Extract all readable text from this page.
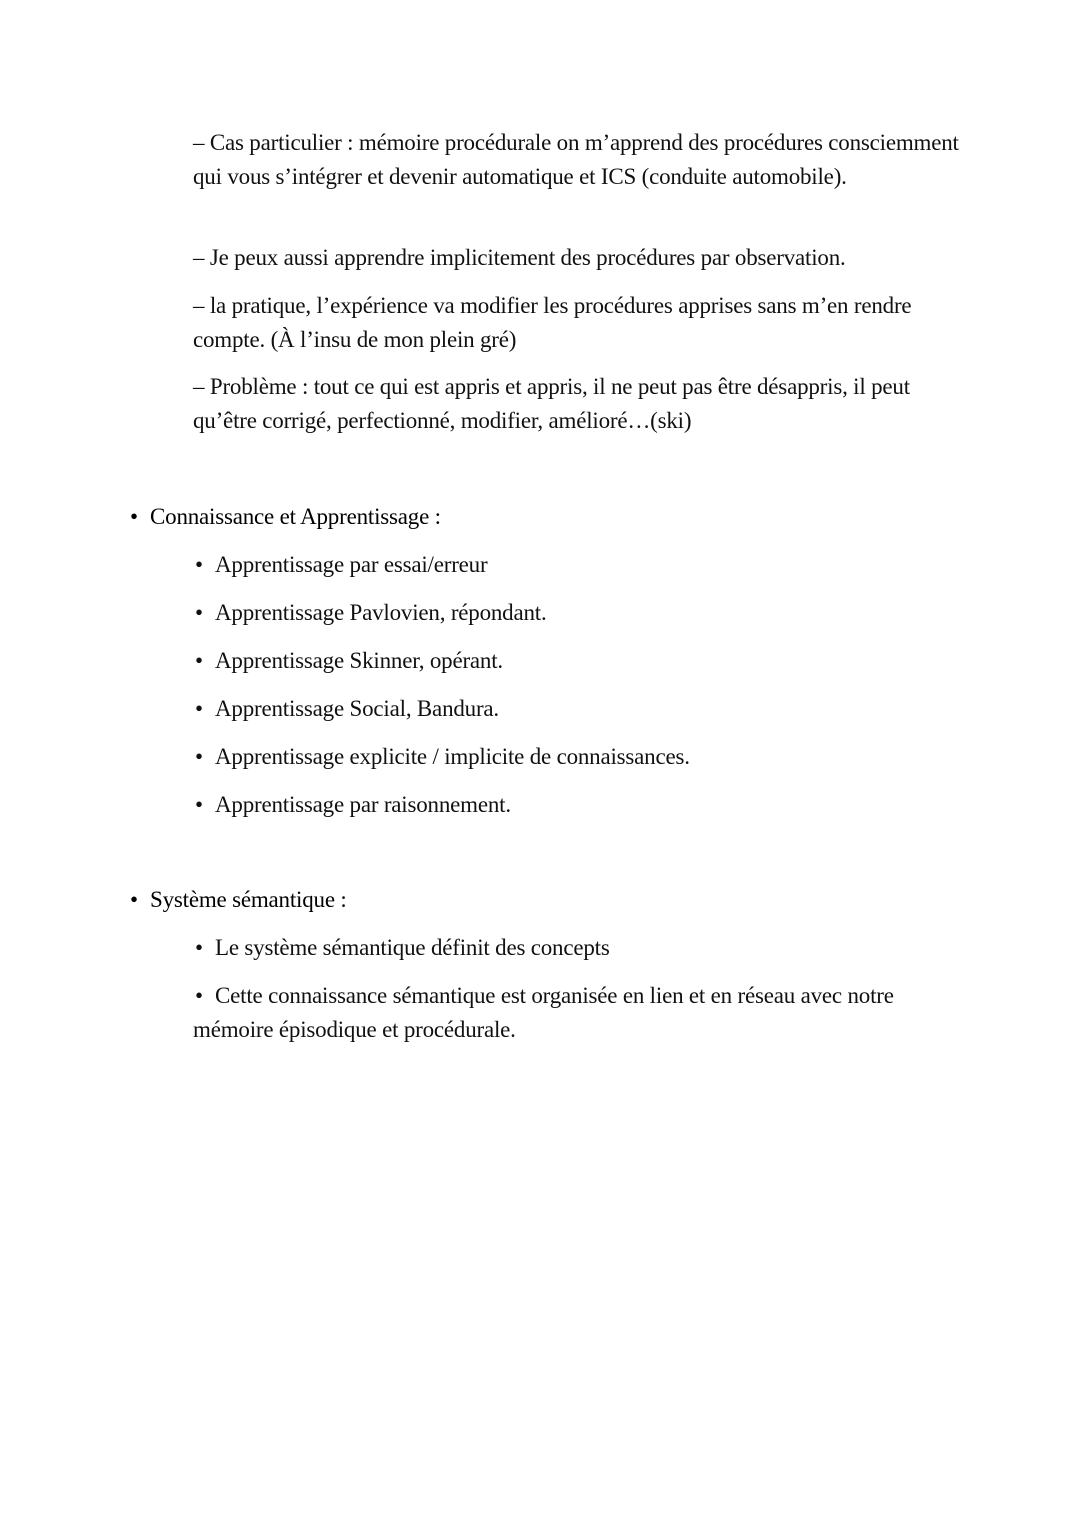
– Cas particulier : mémoire procédurale on m’apprend des procédures consciemment qui vous s’intégrer et devenir automatique et ICS (conduite automobile).
– Je peux aussi apprendre implicitement des procédures par observation.
– la pratique, l’expérience va modifier les procédures apprises sans m’en rendre compte. (À l’insu de mon plein gré)
– Problème : tout ce qui est appris et appris, il ne peut pas être désappris, il peut qu’être corrigé, perfectionné, modifier, amélioré…(ski)
• Connaissance et Apprentissage :
• Apprentissage par essai/erreur
• Apprentissage Pavlovien, répondant.
• Apprentissage Skinner, opérant.
• Apprentissage Social, Bandura.
• Apprentissage explicite / implicite de connaissances.
• Apprentissage par raisonnement.
• Système sémantique :
• Le système sémantique définit des concepts
• Cette connaissance sémantique est organisée en lien et en réseau avec notre mémoire épisodique et procédurale.
